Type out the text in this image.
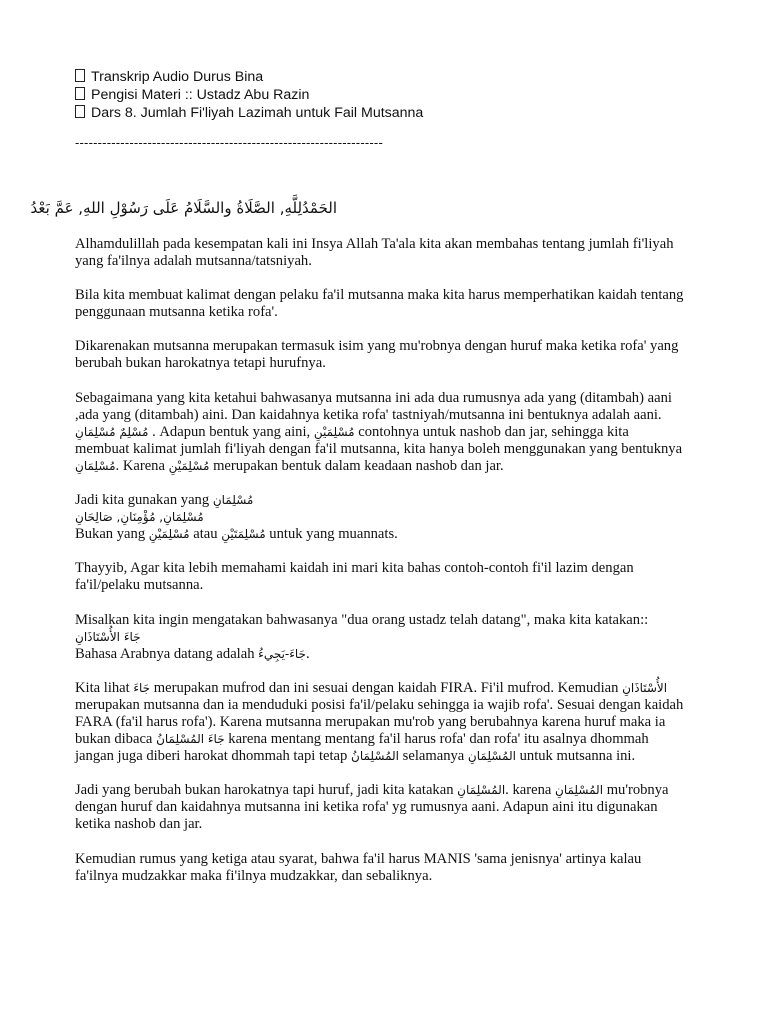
Transkrip Audio Durus Bina
Pengisi Materi :: Ustadz Abu Razin
Dars 8. Jumlah Fi'liyah Lazimah untuk Fail Mutsanna
--------------------------------------------------------------------
الحَمْدُلِلَّهِ, الصَّلَاةُ والسَّلَامُ عَلَى رَسُوْلِ اللهِ, عَمَّ بَعْدُ

Alhamdulillah pada kesempatan kali ini Insya Allah Ta'ala kita akan membahas tentang jumlah fi'liyah yang fa'ilnya adalah mutsanna/tatsniyah.

Bila kita membuat kalimat dengan pelaku fa'il mutsanna maka kita harus memperhatikan kaidah tentang penggunaan mutsanna ketika rofa'.

Dikarenakan mutsanna merupakan termasuk isim yang mu'robnya dengan huruf maka ketika rofa' yang berubah bukan harokatnya tetapi hurufnya.

Sebagaimana yang kita ketahui bahwasanya mutsanna ini ada dua rumusnya ada yang (ditambah) aani ,ada yang (ditambah) aini. Dan kaidahnya ketika rofa' tastniyah/mutsanna ini bentuknya adalah aani. مُسْلِمٌ مُسْلِمَانِ . Adapun bentuk yang aini, مُسْلِمَيْنِ contohnya untuk nashob dan jar, sehingga kita membuat kalimat jumlah fi'liyah dengan fa'il mutsanna, kita hanya boleh menggunakan yang bentuknya مُسْلِمَانِ. Karena مُسْلِمَيْنِ merupakan bentuk dalam keadaan nashob dan jar.

Jadi kita gunakan yang مُسْلِمَانِ
مُسْلِمَانِ, مُؤْمِنَانِ, صَالِحَانِ
Bukan yang مُسْلِمَيْنِ atau مُسْلِمَتَيْنِ untuk yang muannats.

Thayyib, Agar kita lebih memahami kaidah ini mari kita bahas contoh-contoh fi'il lazim dengan fa'il/pelaku mutsanna.

Misalkan kita ingin mengatakan bahwasanya "dua orang ustadz telah datang", maka kita katakan::
جَاءَ الأُسْتَاذَانِ
Bahasa Arabnya datang adalah جَاءَ-يَجِيءُ.

Kita lihat جَاءَ merupakan mufrod dan ini sesuai dengan kaidah FIRA. Fi'il mufrod. Kemudian الأُسْتَاذَانِ merupakan mutsanna dan ia menduduki posisi fa'il/pelaku sehingga ia wajib rofa'. Sesuai dengan kaidah FARA (fa'il harus rofa'). Karena mutsanna merupakan mu'rob yang berubahnya karena huruf maka ia bukan dibaca جَاءَ المُسْلِمَانُ karena mentang mentang fa'il harus rofa' dan rofa' itu asalnya dhommah jangan juga diberi harokat dhommah tapi tetap المُسْلِمَانُ selamanya المُسْلِمَانِ untuk mutsanna ini.

Jadi yang berubah bukan harokatnya tapi huruf, jadi kita katakan المُسْلِمَانِ. karena المُسْلِمَانِ mu'robnya dengan huruf dan kaidahnya mutsanna ini ketika rofa' yg rumusnya aani. Adapun aini itu digunakan ketika nashob dan jar.

Kemudian rumus yang ketiga atau syarat, bahwa fa'il harus MANIS 'sama jenisnya' artinya kalau fa'ilnya mudzakkar maka fi'ilnya mudzakkar, dan sebaliknya.
